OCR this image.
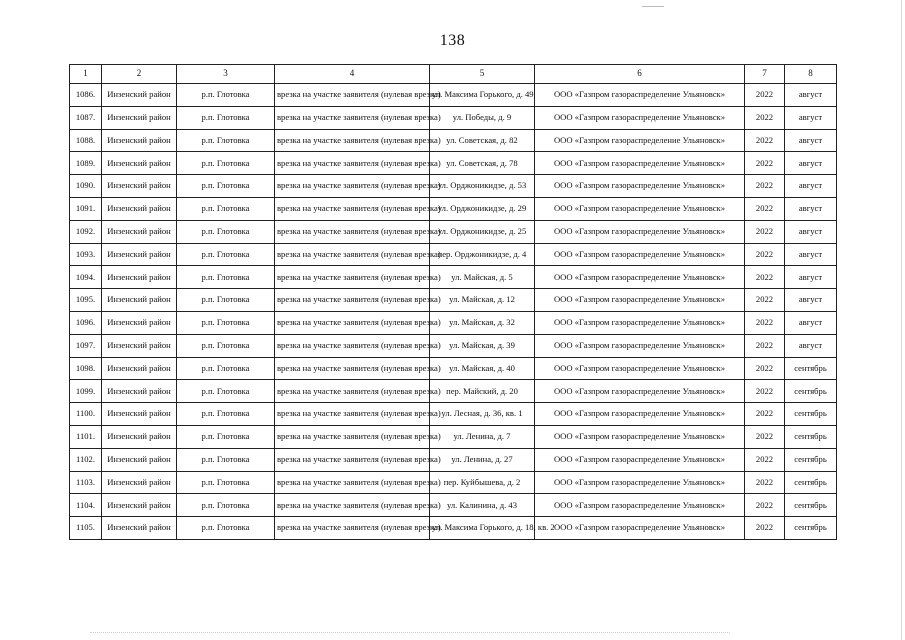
138
1	2	3	4	5	6	7	8
1086.	Инзенский район	р.п. Глотовка	врезка на участке заявителя (нулевая врезка)	ул. Максима Горького, д. 49	ООО «Газпром газораспределение Ульяновск»	2022	август
1087.	Инзенский район	р.п. Глотовка	врезка на участке заявителя (нулевая врезка)	ул. Победы, д. 9	ООО «Газпром газораспределение Ульяновск»	2022	август
1088.	Инзенский район	р.п. Глотовка	врезка на участке заявителя (нулевая врезка)	ул. Советская, д. 82	ООО «Газпром газораспределение Ульяновск»	2022	август
1089.	Инзенский район	р.п. Глотовка	врезка на участке заявителя (нулевая врезка)	ул. Советская, д. 78	ООО «Газпром газораспределение Ульяновск»	2022	август
1090.	Инзенский район	р.п. Глотовка	врезка на участке заявителя (нулевая врезка)	ул. Орджоникидзе, д. 53	ООО «Газпром газораспределение Ульяновск»	2022	август
1091.	Инзенский район	р.п. Глотовка	врезка на участке заявителя (нулевая врезка)	ул. Орджоникидзе, д. 29	ООО «Газпром газораспределение Ульяновск»	2022	август
1092.	Инзенский район	р.п. Глотовка	врезка на участке заявителя (нулевая врезка)	ул. Орджоникидзе, д. 25	ООО «Газпром газораспределение Ульяновск»	2022	август
1093.	Инзенский район	р.п. Глотовка	врезка на участке заявителя (нулевая врезка)	пер. Орджоникидзе, д. 4	ООО «Газпром газораспределение Ульяновск»	2022	август
1094.	Инзенский район	р.п. Глотовка	врезка на участке заявителя (нулевая врезка)	ул. Майская, д. 5	ООО «Газпром газораспределение Ульяновск»	2022	август
1095.	Инзенский район	р.п. Глотовка	врезка на участке заявителя (нулевая врезка)	ул. Майская, д. 12	ООО «Газпром газораспределение Ульяновск»	2022	август
1096.	Инзенский район	р.п. Глотовка	врезка на участке заявителя (нулевая врезка)	ул. Майская, д. 32	ООО «Газпром газораспределение Ульяновск»	2022	август
1097.	Инзенский район	р.п. Глотовка	врезка на участке заявителя (нулевая врезка)	ул. Майская, д. 39	ООО «Газпром газораспределение Ульяновск»	2022	август
1098.	Инзенский район	р.п. Глотовка	врезка на участке заявителя (нулевая врезка)	ул. Майская, д. 40	ООО «Газпром газораспределение Ульяновск»	2022	сентябрь
1099.	Инзенский район	р.п. Глотовка	врезка на участке заявителя (нулевая врезка)	пер. Майский, д. 20	ООО «Газпром газораспределение Ульяновск»	2022	сентябрь
1100.	Инзенский район	р.п. Глотовка	врезка на участке заявителя (нулевая врезка)	ул. Лесная, д. 36, кв. 1	ООО «Газпром газораспределение Ульяновск»	2022	сентябрь
1101.	Инзенский район	р.п. Глотовка	врезка на участке заявителя (нулевая врезка)	ул. Ленина, д. 7	ООО «Газпром газораспределение Ульяновск»	2022	сентябрь
1102.	Инзенский район	р.п. Глотовка	врезка на участке заявителя (нулевая врезка)	ул. Ленина, д. 27	ООО «Газпром газораспределение Ульяновск»	2022	сентябрь
1103.	Инзенский район	р.п. Глотовка	врезка на участке заявителя (нулевая врезка)	пер. Куйбышева, д. 2	ООО «Газпром газораспределение Ульяновск»	2022	сентябрь
1104.	Инзенский район	р.п. Глотовка	врезка на участке заявителя (нулевая врезка)	ул. Калинина, д. 43	ООО «Газпром газораспределение Ульяновск»	2022	сентябрь
1105.	Инзенский район	р.п. Глотовка	врезка на участке заявителя (нулевая врезка)	ул. Максима Горького, д. 18, кв. 2	ООО «Газпром газораспределение Ульяновск»	2022	сентябрь
